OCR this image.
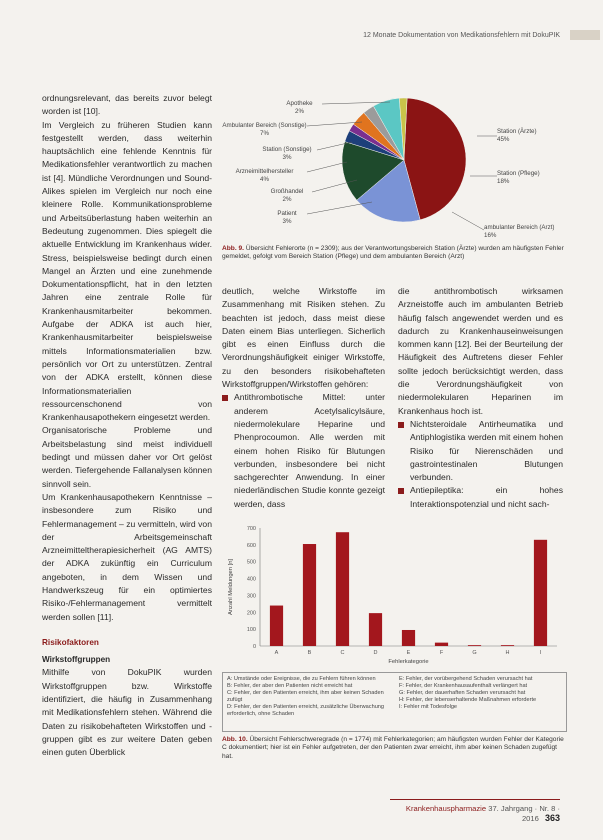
12 Monate Dokumentation von Medikationsfehlern mit DokuPIK

ordnungsrelevant, das bereits zuvor belegt worden ist [10].

Im Vergleich zu früheren Studien kann festgestellt werden, dass weiterhin hauptsächlich eine fehlende Kenntnis für Medikationsfehler verantwortlich zu machen ist [4]. Mündliche Verordnungen und Sound-Alikes spielen im Vergleich nur noch eine kleinere Rolle. Kommunikationsprobleme und Arbeitsüberlastung haben weiterhin an Bedeutung zugenommen. Dies spiegelt die aktuelle Entwicklung im Krankenhaus wider. Stress, beispielsweise bedingt durch einen Mangel an Ärzten und eine zunehmende Dokumentationspflicht, hat in den letzten Jahren eine zentrale Rolle für Krankenhausmitarbeiter bekommen. Aufgabe der ADKA ist auch hier, Krankenhausmitarbeiter beispielsweise mittels Informationsmaterialien bzw. persönlich vor Ort zu unterstützen. Zentral von der ADKA erstellt, können diese Informationsmaterialien ressourcenschonend von Krankenhausapothekern eingesetzt werden.

Organisatorische Probleme und Arbeitsbelastung sind meist individuell bedingt und müssen daher vor Ort gelöst werden. Tiefergehende Fallanalysen können sinnvoll sein.

Um Krankenhausapothekern Kenntnisse – insbesondere zum Risiko und Fehlermanagement – zu vermitteln, wird von der Arbeitsgemeinschaft Arzneimitteltherapiesicherheit (AG AMTS) der ADKA zukünftig ein Curriculum angeboten, in dem Wissen und Handwerkszeug für ein optimiertes Risiko-/Fehlermanagement vermittelt werden sollen [11].

Risikofaktoren
Wirkstoffgruppen

Mithilfe von DokuPIK wurden Wirkstoffgruppen bzw. Wirkstoffe identifiziert, die häufig in Zusammenhang mit Medikationsfehlern stehen. Während die Daten zu risikobehafteten Wirkstoffen und -gruppen gibt es zur weitere Daten geben einen guten Überblick

Apotheke
2%
Ambulanter Bereich (Sonstige)
7%
Station (Sonstige)
3%
Arzneimittelhersteller
4%
Großhandel
2%
Patient
3%
Station (Ärzte)
45%
Station (Pflege)
18%
ambulanter Bereich (Arzt)
16%
Abb. 9. Übersicht Fehlerorte (n = 2309); aus der Verantwortungsbereich Station (Ärzte) wurden am häufigsten Fehler gemeldet, gefolgt vom Bereich Station (Pflege) und dem ambulanten Bereich (Arzt)

deutlich, welche Wirkstoffe im Zusammenhang mit Risiken stehen. Zu beachten ist jedoch, dass meist diese Daten einem Bias unterliegen. Sicherlich gibt es einen Einfluss durch die Verordnungshäufigkeit einiger Wirkstoffe, zu den besonders risikobehafteten Wirkstoffgruppen/Wirkstoffen gehören:

Antithrombotische Mittel: unter anderem Acetylsalicylsäure, niedermolekulare Heparine und Phenprocoumon. Alle werden mit einem hohen Risiko für Blutungen verbunden, insbesondere bei nicht sachgerechter Anwendung. In einer niederländischen Studie konnte gezeigt werden, dass

die antithrombotisch wirksamen Arzneistoffe auch im ambulanten Betrieb häufig falsch angewendet werden und es dadurch zu Krankenhauseinweisungen kommen kann [12]. Bei der Beurteilung der Häufigkeit des Auftretens dieser Fehler sollte jedoch berücksichtigt werden, dass die Verordnungshäufigkeit von niedermolekularen Heparinen im Krankenhaus hoch ist.

Nichtsteroidale Antirheumatika und Antiphlogistika werden mit einem hohen Risiko für Nierenschäden und gastrointestinalen Blutungen verbunden.

Antiepileptika: ein hohes Interaktionspotenzial und nicht sach-

0
100
200
300
400
500
600
700
A	B	C	D	E	F	G	H	I
Fehlerkategorie
Anzahl Meldungen [n]
A: Umstände oder Ereignisse, die zu Fehlern führen können
B: Fehler, der aber den Patienten nicht erreicht hat
C: Fehler, der den Patienten erreicht, ihm aber keinen Schaden zufügt
D: Fehler, der den Patienten erreicht, zusätzliche Überwachung erforderlich, ohne Schaden
E: Fehler, der vorübergehend Schaden verursacht hat
F: Fehler, der Krankenhausaufenthalt verlängert hat
G: Fehler, der dauerhaften Schaden verursacht hat
H: Fehler, der lebenserhaltende Maßnahmen erforderte
I: Fehler mit Todesfolge
Abb. 10. Übersicht Fehlerschweregrade (n = 1774) mit Fehlerkategorien; am häufigsten wurden Fehler der Kategorie C dokumentiert; hier ist ein Fehler aufgetreten, der den Patienten zwar erreicht, ihm aber keinen Schaden zugefügt hat.
Krankenhauspharmazie 37. Jahrgang · Nr. 8 · 2016 363
